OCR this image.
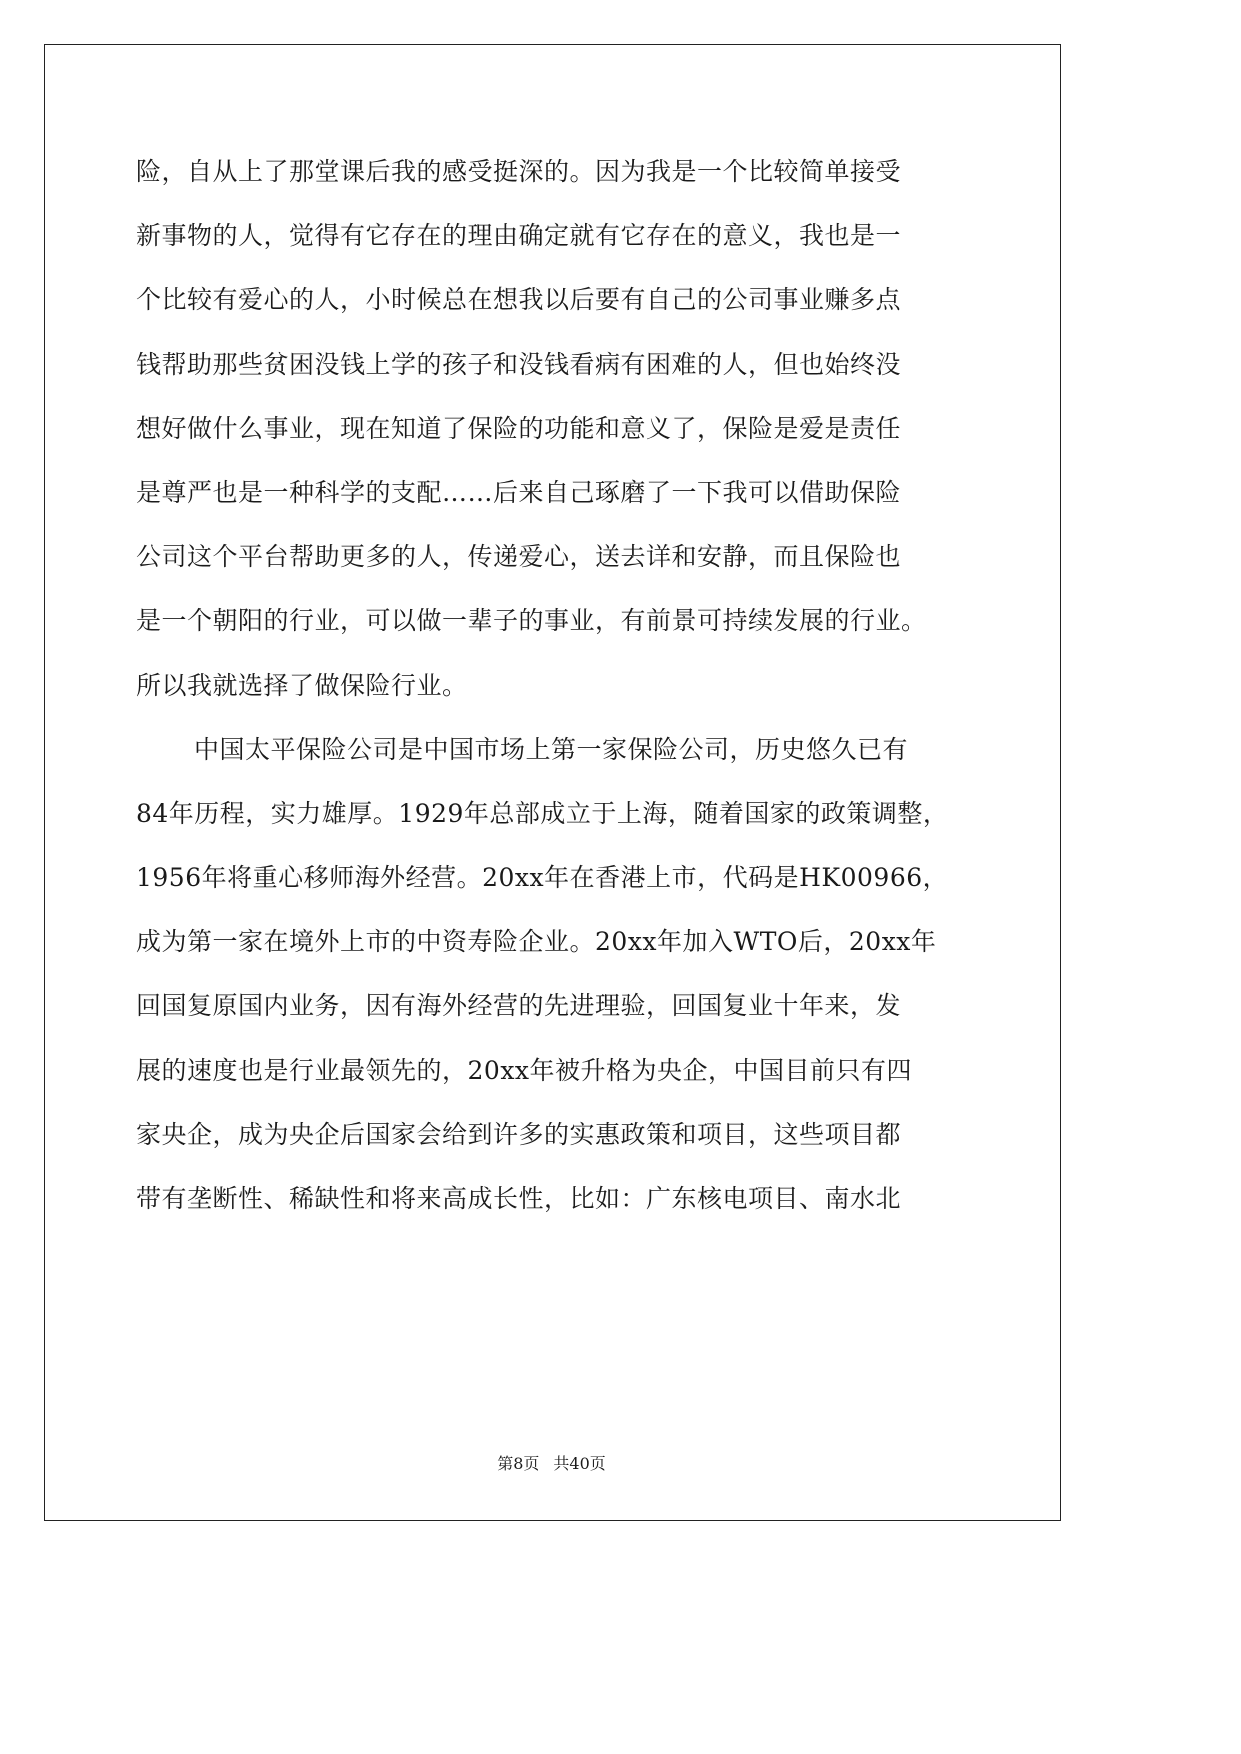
险，自从上了那堂课后我的感受挺深的。因为我是一个比较简单接受
新事物的人，觉得有它存在的理由确定就有它存在的意义，我也是一
个比较有爱心的人，小时候总在想我以后要有自己的公司事业赚多点
钱帮助那些贫困没钱上学的孩子和没钱看病有困难的人，但也始终没
想好做什么事业，现在知道了保险的功能和意义了，保险是爱是责任
是尊严也是一种科学的支配……后来自己琢磨了一下我可以借助保险
公司这个平台帮助更多的人，传递爱心，送去详和安静，而且保险也
是一个朝阳的行业，可以做一辈子的事业，有前景可持续发展的行业。
所以我就选择了做保险行业。
中国太平保险公司是中国市场上第一家保险公司，历史悠久已有
84年历程，实力雄厚。1929年总部成立于上海，随着国家的政策调整，
1956年将重心移师海外经营。20xx年在香港上市，代码是HK00966，
成为第一家在境外上市的中资寿险企业。20xx年加入WTO后，20xx年
回国复原国内业务，因有海外经营的先进理验，回国复业十年来，发
展的速度也是行业最领先的，20xx年被升格为央企，中国目前只有四
家央企，成为央企后国家会给到许多的实惠政策和项目，这些项目都
带有垄断性、稀缺性和将来高成长性，比如：广东核电项目、南水北
第8页 共40页
